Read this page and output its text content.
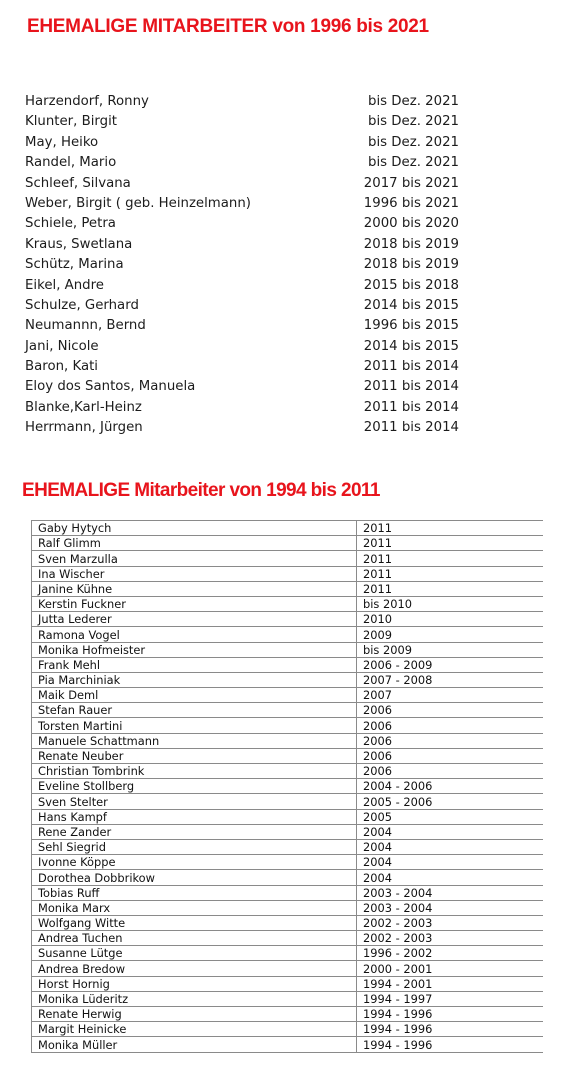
EHEMALIGE MITARBEITER von 1996 bis 2021
Harzendorf, Ronny	bis Dez. 2021
Klunter, Birgit	bis Dez. 2021
May, Heiko	bis Dez. 2021
Randel, Mario	bis Dez. 2021
Schleef, Silvana	2017 bis 2021
Weber, Birgit ( geb. Heinzelmann)	1996 bis 2021
Schiele, Petra	2000 bis 2020
Kraus, Swetlana	2018 bis 2019
Schütz, Marina	2018 bis 2019
Eikel, Andre	2015 bis 2018
Schulze, Gerhard	2014 bis 2015
Neumannn, Bernd	1996 bis 2015
Jani, Nicole	2014 bis 2015
Baron, Kati	2011 bis 2014
Eloy dos Santos, Manuela	2011 bis 2014
Blanke,Karl-Heinz	2011 bis 2014
Herrmann, Jürgen	2011 bis 2014
EHEMALIGE Mitarbeiter von 1994 bis 2011
Gaby Hytych	2011
Ralf Glimm	2011
Sven Marzulla	2011
Ina Wischer	2011
Janine Kühne	2011
Kerstin Fuckner	bis 2010
Jutta Lederer	2010
Ramona Vogel	2009
Monika Hofmeister	bis 2009
Frank Mehl	2006 - 2009
Pia Marchiniak	2007 - 2008
Maik Deml	2007
Stefan Rauer	2006
Torsten Martini	2006
Manuele Schattmann	2006
Renate Neuber	2006
Christian Tombrink	2006
Eveline Stollberg	2004 - 2006
Sven Stelter	2005 - 2006
Hans Kampf	2005
Rene Zander	2004
Sehl Siegrid	2004
Ivonne Köppe	2004
Dorothea Dobbrikow	2004
Tobias Ruff	2003 - 2004
Monika Marx	2003 - 2004
Wolfgang Witte	2002 - 2003
Andrea Tuchen	2002 - 2003
Susanne Lütge	1996 - 2002
Andrea Bredow	2000 - 2001
Horst Hornig	1994 - 2001
Monika Lüderitz	1994 - 1997
Renate Herwig	1994 - 1996
Margit Heinicke	1994 - 1996
Monika Müller	1994 - 1996
